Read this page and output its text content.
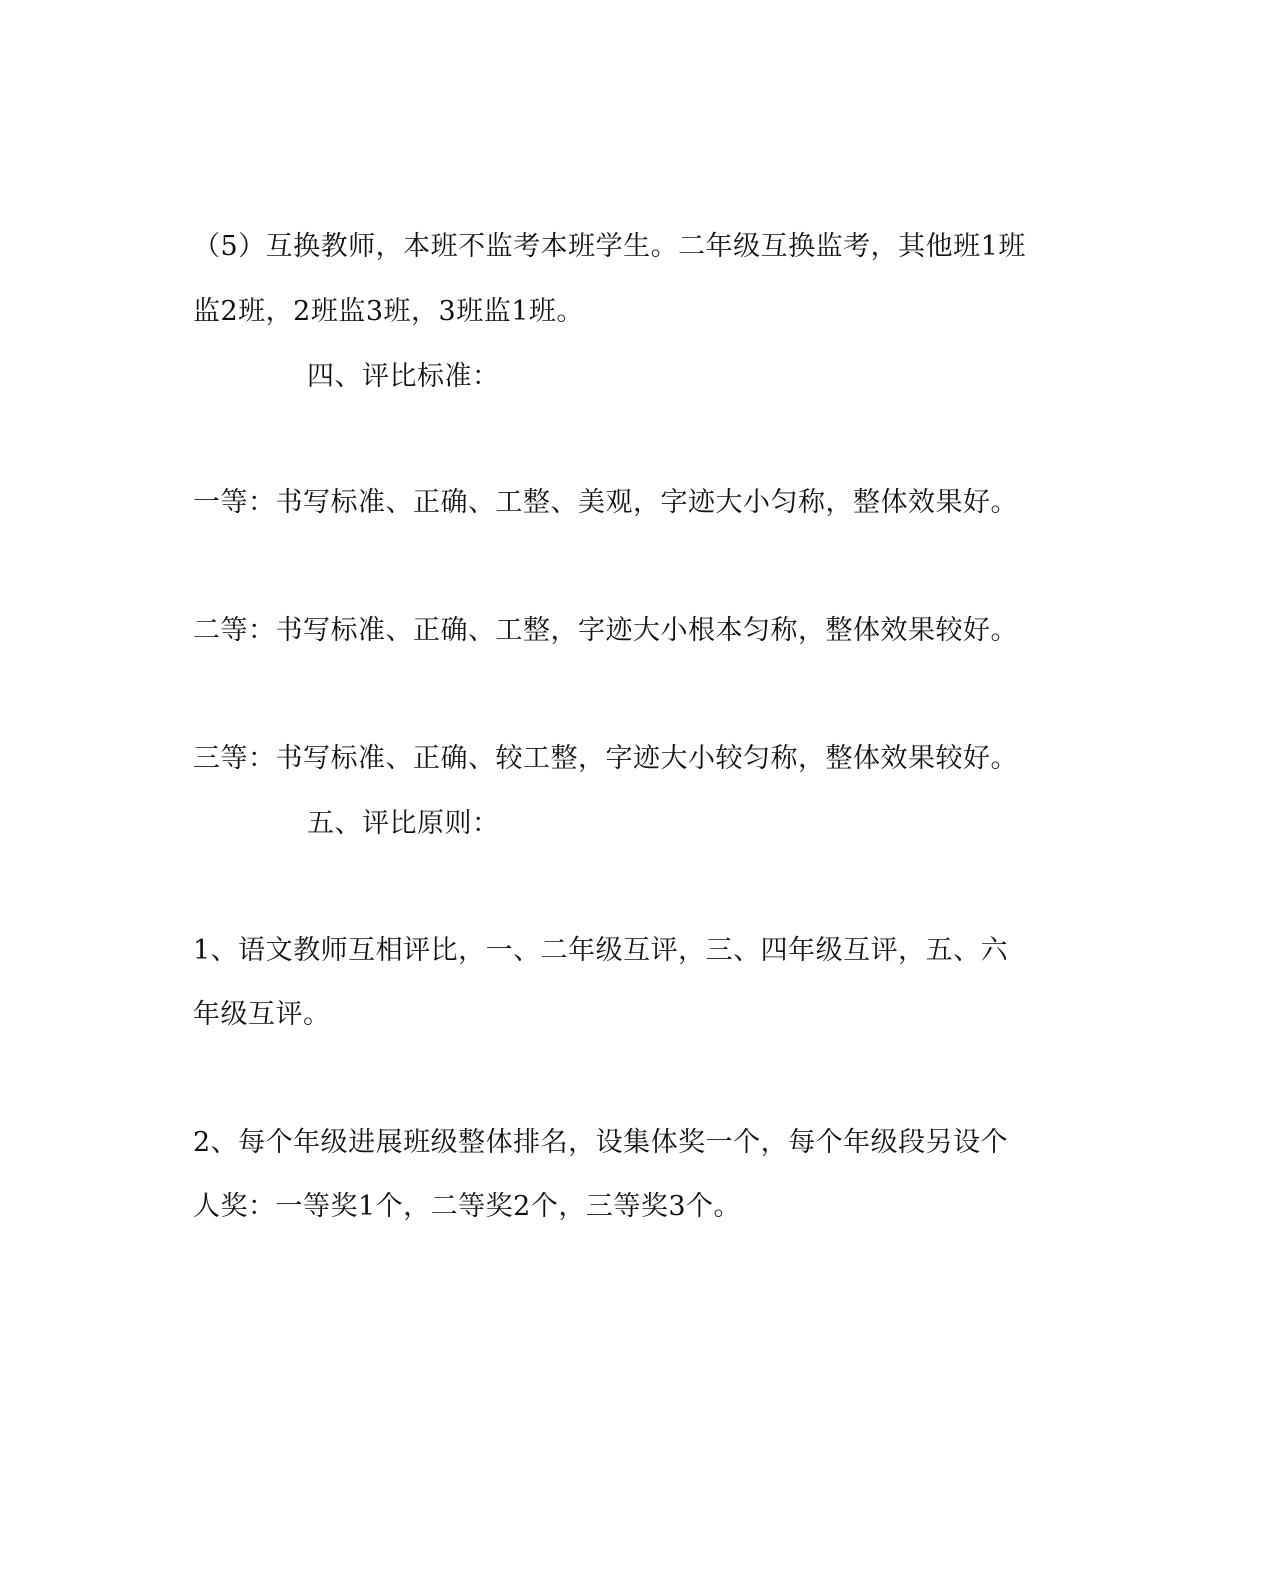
（5）互换教师，本班不监考本班学生。二年级互换监考，其他班1班
监2班，2班监3班，3班监1班。
四、评比标准：
一等：书写标准、正确、工整、美观，字迹大小匀称，整体效果好。
二等：书写标准、正确、工整，字迹大小根本匀称，整体效果较好。
三等：书写标准、正确、较工整，字迹大小较匀称，整体效果较好。
五、评比原则：
1、语文教师互相评比，一、二年级互评，三、四年级互评，五、六
年级互评。
2、每个年级进展班级整体排名，设集体奖一个，每个年级段另设个
人奖：一等奖1个，二等奖2个，三等奖3个。
